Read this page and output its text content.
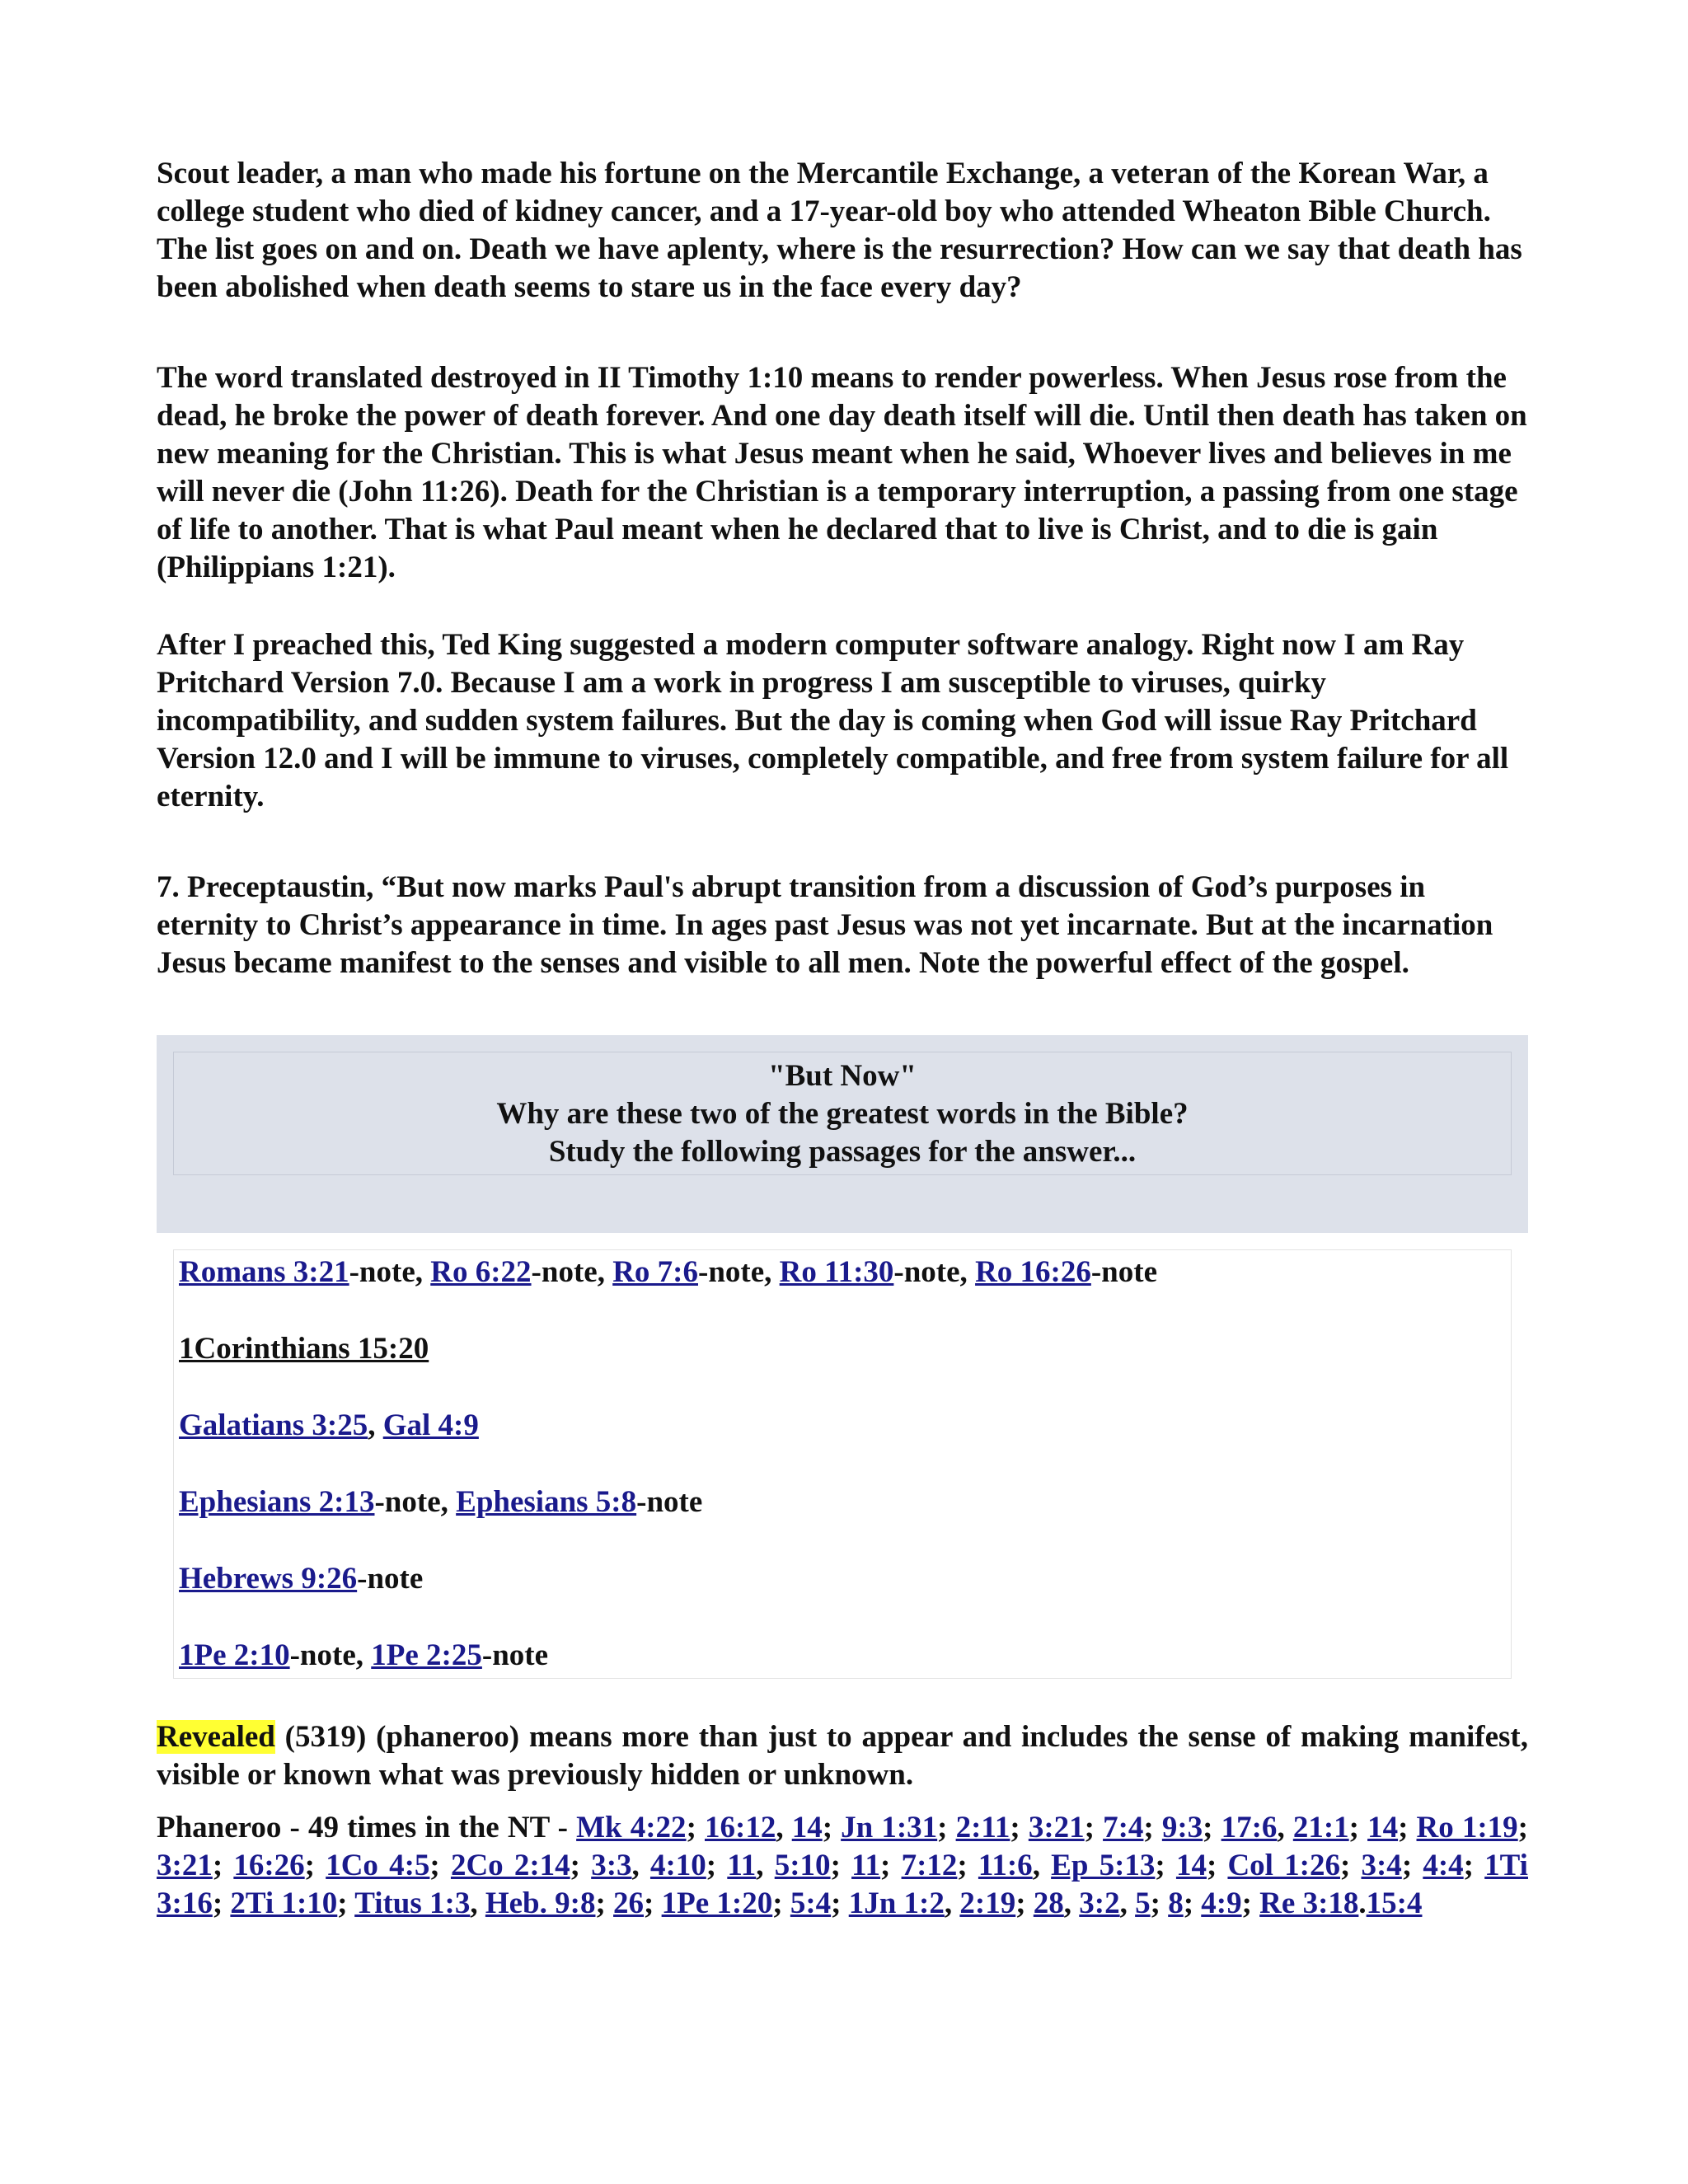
Scout leader, a man who made his fortune on the Mercantile Exchange, a veteran of the Korean War, a college student who died of kidney cancer, and a 17-year-old boy who attended Wheaton Bible Church. The list goes on and on. Death we have aplenty, where is the resurrection? How can we say that death has been abolished when death seems to stare us in the face every day?

The word translated destroyed in II Timothy 1:10 means to render powerless. When Jesus rose from the dead, he broke the power of death forever. And one day death itself will die. Until then death has taken on new meaning for the Christian. This is what Jesus meant when he said, Whoever lives and believes in me will never die (John 11:26). Death for the Christian is a temporary interruption, a passing from one stage of life to another. That is what Paul meant when he declared that to live is Christ, and to die is gain (Philippians 1:21).

After I preached this, Ted King suggested a modern computer software analogy. Right now I am Ray Pritchard Version 7.0. Because I am a work in progress I am susceptible to viruses, quirky incompatibility, and sudden system failures. But the day is coming when God will issue Ray Pritchard Version 12.0 and I will be immune to viruses, completely compatible, and free from system failure for all eternity.

7. Preceptaustin, “But now marks Paul's abrupt transition from a discussion of God’s purposes in eternity to Christ’s appearance in time. In ages past Jesus was not yet incarnate. But at the incarnation Jesus became manifest to the senses and visible to all men. Note the powerful effect of the gospel.

"But Now"
Why are these two of the greatest words in the Bible?
Study the following passages for the answer...
Romans 3:21-note, Ro 6:22-note, Ro 7:6-note, Ro 11:30-note, Ro 16:26-note
1Corinthians 15:20
Galatians 3:25, Gal 4:9
Ephesians 2:13-note, Ephesians 5:8-note
Hebrews 9:26-note
1Pe 2:10-note, 1Pe 2:25-note

Revealed (5319) (phaneroo) means more than just to appear and includes the sense of making manifest, visible or known what was previously hidden or unknown.

Phaneroo - 49 times in the NT - Mk 4:22; 16:12, 14; Jn 1:31; 2:11; 3:21; 7:4; 9:3; 17:6, 21:1; 14; Ro 1:19; 3:21; 16:26; 1Co 4:5; 2Co 2:14; 3:3, 4:10; 11, 5:10; 11; 7:12; 11:6, Ep 5:13; 14; Col 1:26; 3:4; 4:4; 1Ti 3:16; 2Ti 1:10; Titus 1:3, Heb. 9:8; 26; 1Pe 1:20; 5:4; 1Jn 1:2, 2:19; 28, 3:2, 5; 8; 4:9; Re 3:18.15:4
